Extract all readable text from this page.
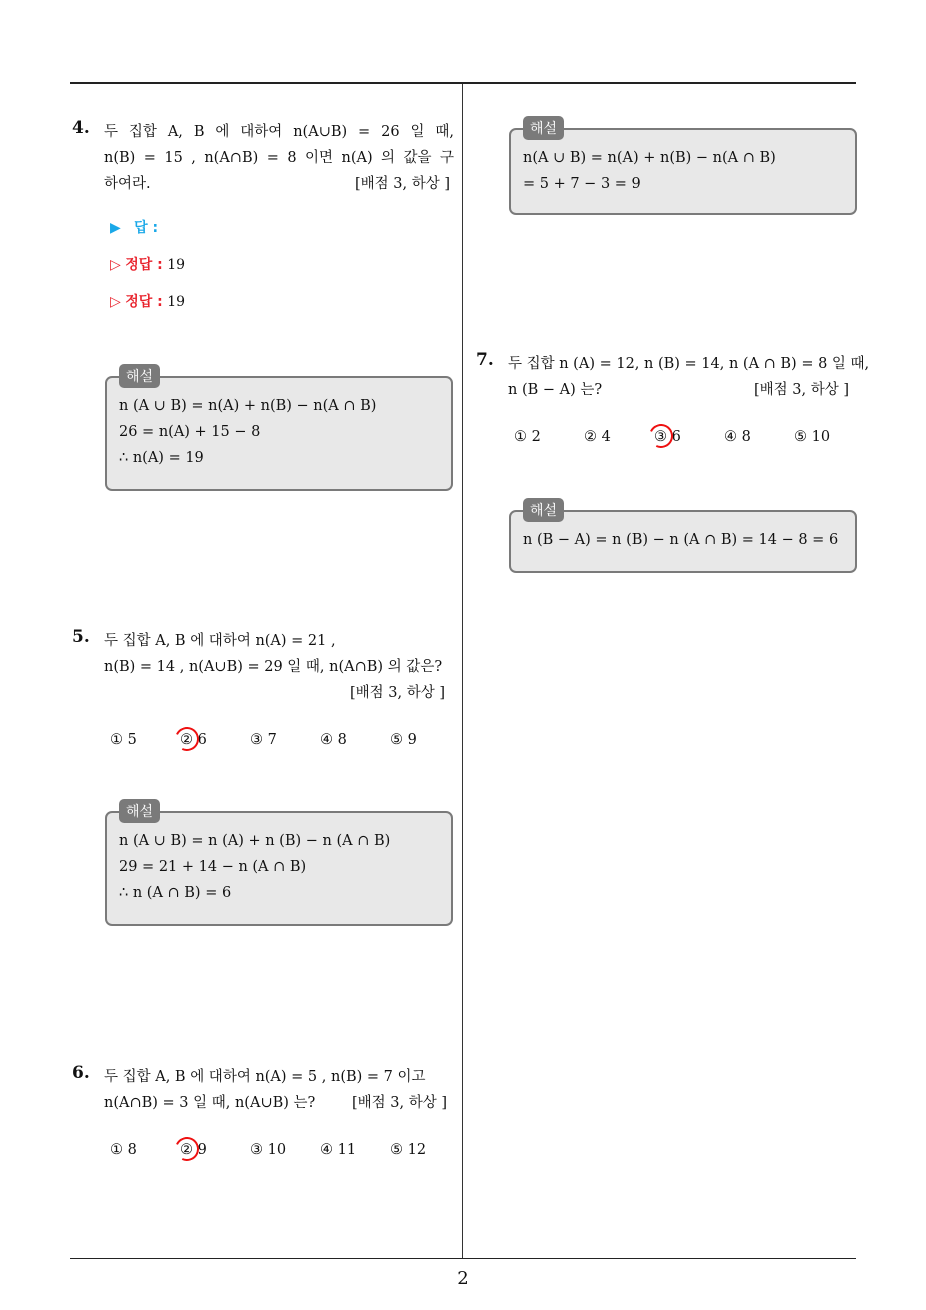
4. 두 집합 A, B 에 대하여 n(A∪B) = 26 일 때,
n(B) = 15 , n(A∩B) = 8 이면 n(A) 의 값을 구
하여라.	[배점 3, 하상 ]
▶ 답 :
▷ 정답 : 19
▷ 정답 : 19
해설
n (A ∪ B) = n(A) + n(B) − n(A ∩ B)
26 = n(A) + 15 − 8
∴ n(A) = 19
5. 두 집합 A, B 에 대하여 n(A) = 21 ,
n(B) = 14 , n(A∪B) = 29 일 때, n(A∩B) 의 값은?
[배점 3, 하상 ]
① 5	② 6	③ 7	④ 8	⑤ 9
해설
n (A ∪ B) = n (A) + n (B) − n (A ∩ B)
29 = 21 + 14 − n (A ∩ B)
∴ n (A ∩ B) = 6
6. 두 집합 A, B 에 대하여 n(A) = 5 , n(B) = 7 이고
n(A∩B) = 3 일 때, n(A∪B) 는?	[배점 3, 하상 ]
① 8	② 9	③ 10 ④ 11 ⑤ 12
해설
n(A ∪ B) = n(A) + n(B) − n(A ∩ B)
= 5 + 7 − 3 = 9
7. 두 집합 n (A) = 12, n (B) = 14, n (A ∩ B) = 8 일 때,
n (B − A) 는?	[배점 3, 하상 ]
① 2	② 4	③ 6	④ 8	⑤ 10
해설
n (B − A) = n (B) − n (A ∩ B) = 14 − 8 = 6
2
